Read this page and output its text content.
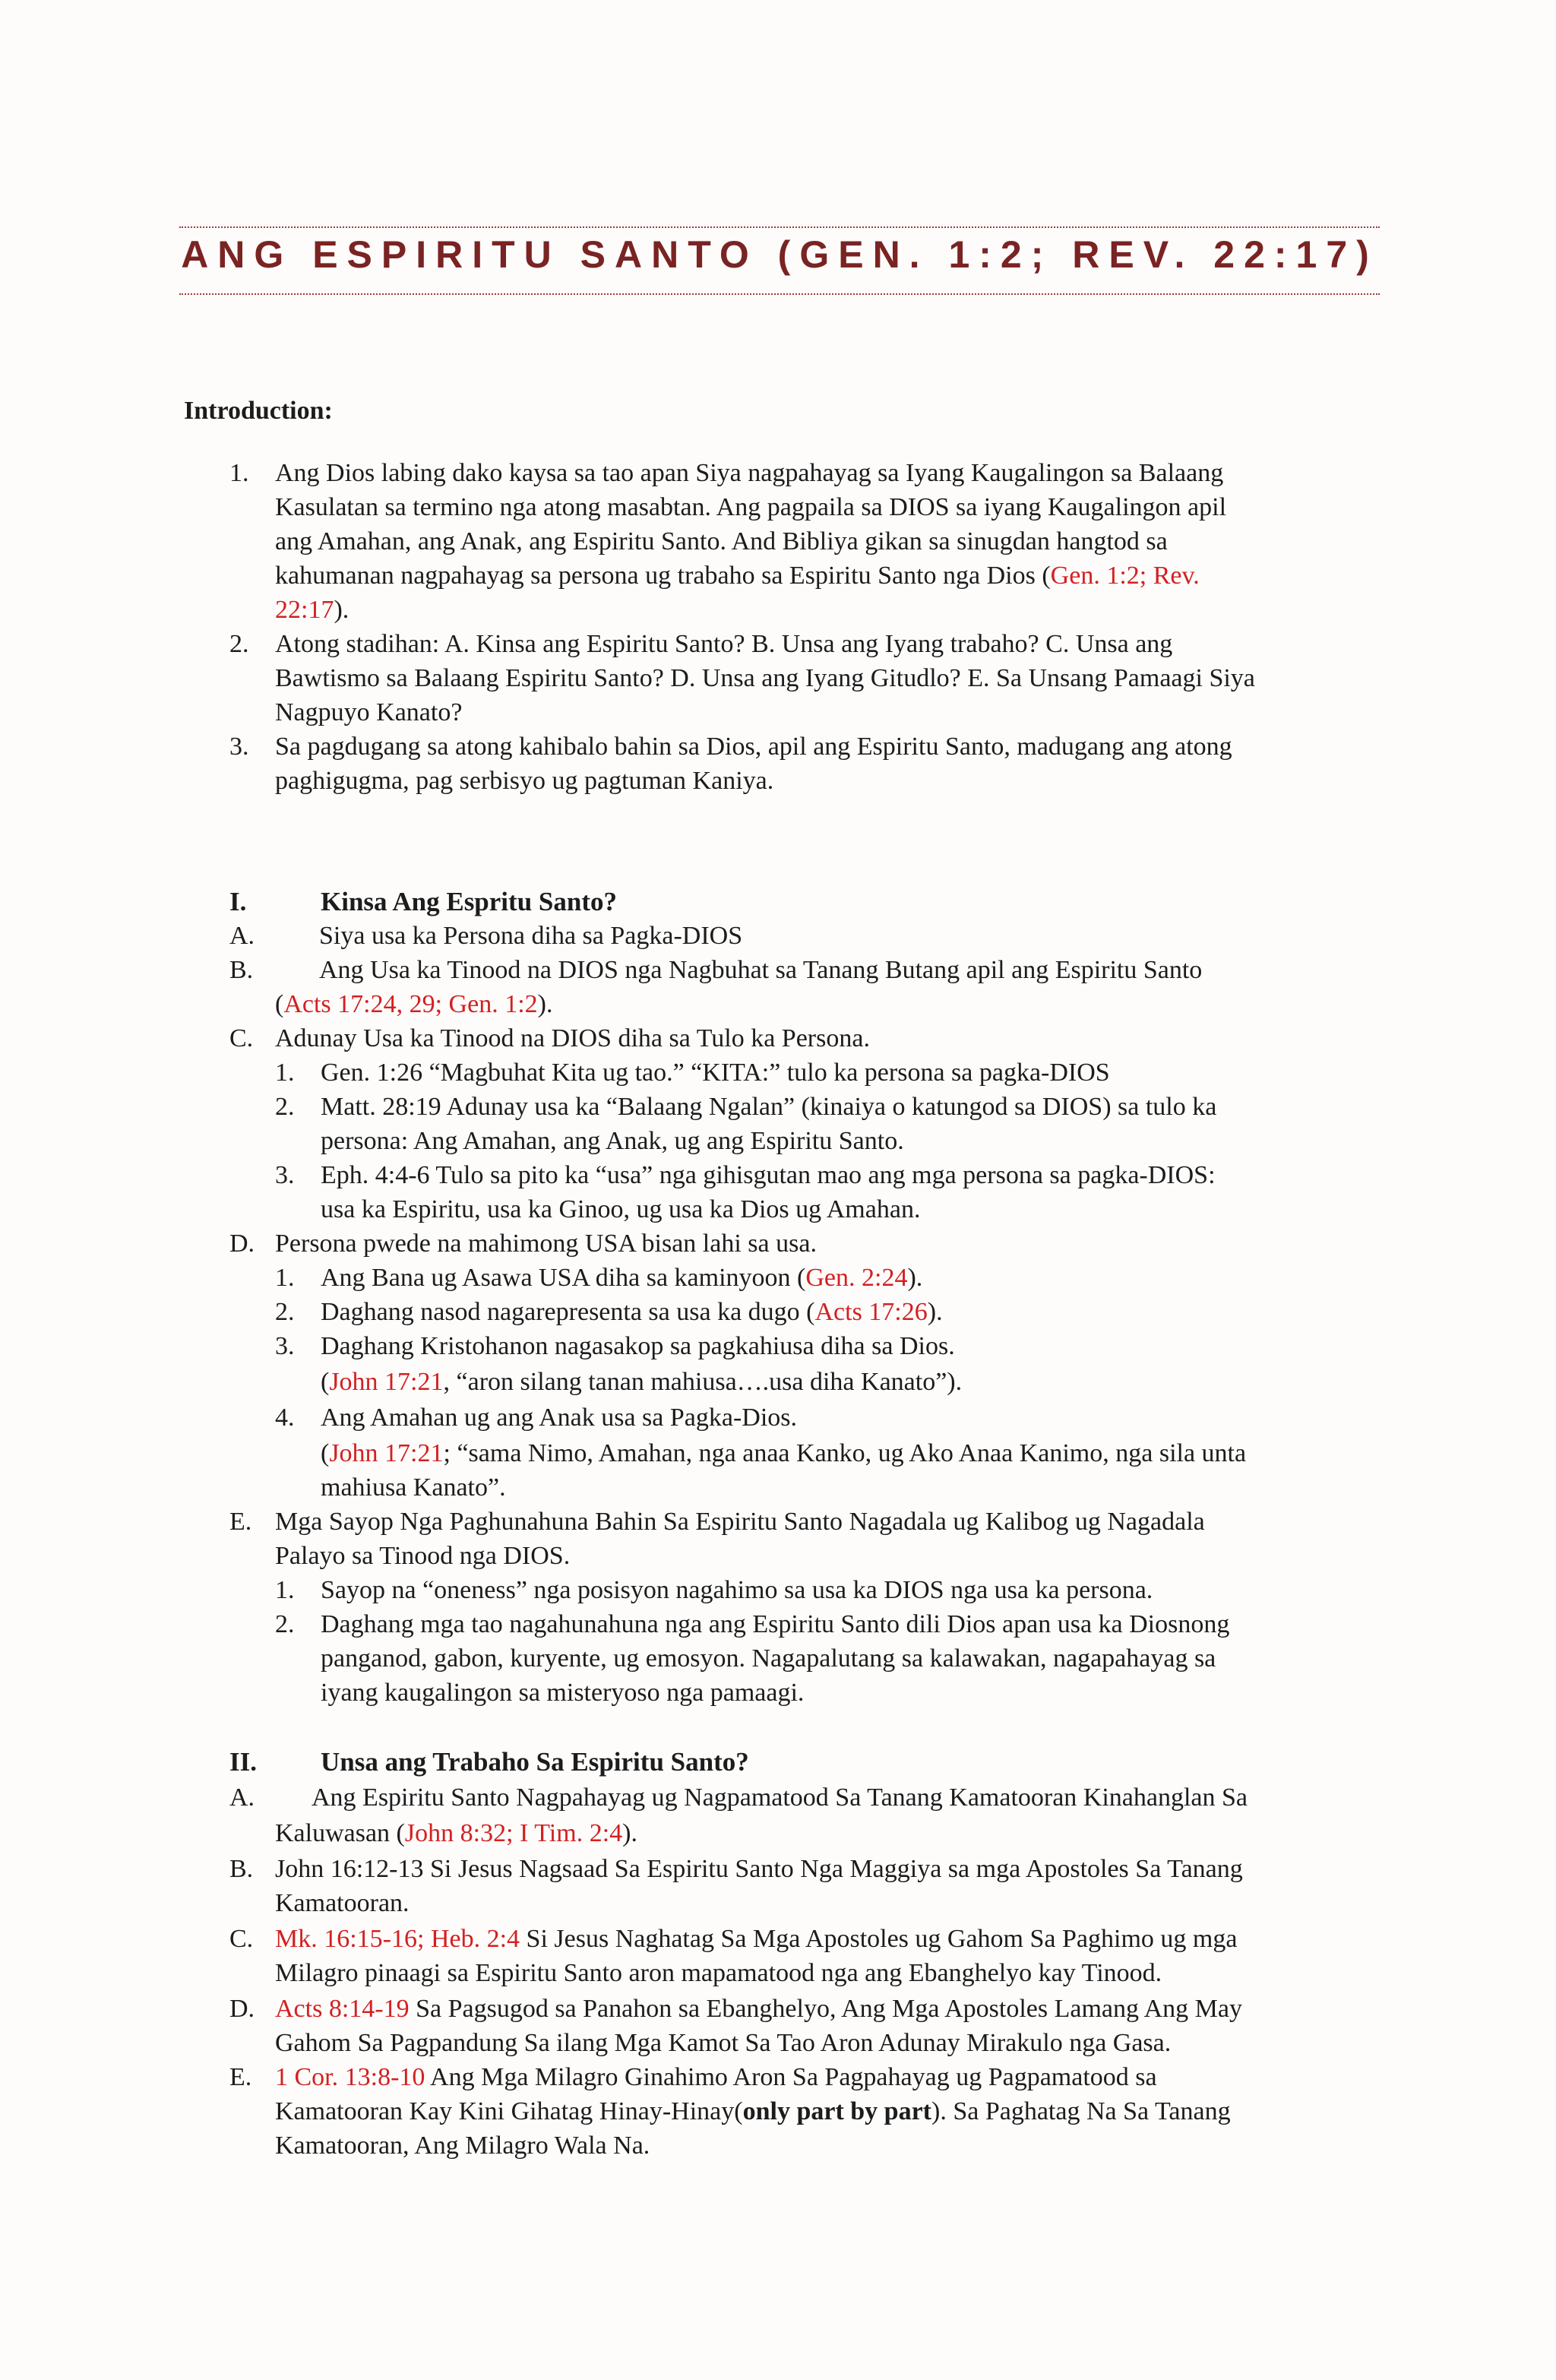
ANG ESPIRITU SANTO (GEN. 1:2; REV. 22:17)
Introduction:
1. Ang Dios labing dako kaysa sa tao apan Siya nagpahayag sa Iyang Kaugalingon sa Balaang
Kasulatan sa termino nga atong masabtan. Ang pagpaila sa DIOS sa iyang Kaugalingon apil
ang Amahan, ang Anak, ang Espiritu Santo. And Bibliya gikan sa sinugdan hangtod sa
kahumanan nagpahayag sa persona ug trabaho sa Espiritu Santo nga Dios (Gen. 1:2; Rev.
22:17).
2. Atong stadihan: A. Kinsa ang Espiritu Santo? B. Unsa ang Iyang trabaho? C. Unsa ang
Bawtismo sa Balaang Espiritu Santo? D. Unsa ang Iyang Gitudlo? E. Sa Unsang Pamaagi Siya
Nagpuyo Kanato?
3. Sa pagdugang sa atong kahibalo bahin sa Dios, apil ang Espiritu Santo, madugang ang atong
paghigugma, pag serbisyo ug pagtuman Kaniya.
I.	Kinsa Ang Espritu Santo?
A. Siya usa ka Persona diha sa Pagka-DIOS
B.	Ang Usa ka Tinood na DIOS nga Nagbuhat sa Tanang Butang apil ang Espiritu Santo
(Acts 17:24, 29; Gen. 1:2).
C. Adunay Usa ka Tinood na DIOS diha sa Tulo ka Persona.
1. Gen. 1:26 “Magbuhat Kita ug tao.” “KITA:” tulo ka persona sa pagka-DIOS
2. Matt. 28:19 Adunay usa ka “Balaang Ngalan” (kinaiya o katungod sa DIOS) sa tulo ka
persona: Ang Amahan, ang Anak, ug ang Espiritu Santo.
3. Eph. 4:4-6 Tulo sa pito ka “usa” nga gihisgutan mao ang mga persona sa pagka-DIOS:
usa ka Espiritu, usa ka Ginoo, ug usa ka Dios ug Amahan.
D. Persona pwede na mahimong USA bisan lahi sa usa.
1. Ang Bana ug Asawa USA diha sa kaminyoon (Gen. 2:24).
2. Daghang nasod nagarepresenta sa usa ka dugo (Acts 17:26).
3. Daghang Kristohanon nagasakop sa pagkahiusa diha sa Dios.
(John 17:21, “aron silang tanan mahiusa….usa diha Kanato”).
4. Ang Amahan ug ang Anak usa sa Pagka-Dios.
(John 17:21; “sama Nimo, Amahan, nga anaa Kanko, ug Ako Anaa Kanimo, nga sila unta
mahiusa Kanato”.
E. Mga Sayop Nga Paghunahuna Bahin Sa Espiritu Santo Nagadala ug Kalibog ug Nagadala
Palayo sa Tinood nga DIOS.
1. Sayop na “oneness” nga posisyon nagahimo sa usa ka DIOS nga usa ka persona.
2. Daghang mga tao nagahunahuna nga ang Espiritu Santo dili Dios apan usa ka Diosnong
panganod, gabon, kuryente, ug emosyon. Nagapalutang sa kalawakan, nagapahayag sa
iyang kaugalingon sa misteryoso nga pamaagi.
II. Unsa ang Trabaho Sa Espiritu Santo?
A. Ang Espiritu Santo Nagpahayag ug Nagpamatood Sa Tanang Kamatooran Kinahanglan Sa
Kaluwasan (John 8:32; I Tim. 2:4).
B. John 16:12-13 Si Jesus Nagsaad Sa Espiritu Santo Nga Maggiya sa mga Apostoles Sa Tanang
Kamatooran.
C. Mk. 16:15-16; Heb. 2:4 Si Jesus Naghatag Sa Mga Apostoles ug Gahom Sa Paghimo ug mga
Milagro pinaagi sa Espiritu Santo aron mapamatood nga ang Ebanghelyo kay Tinood.
D. Acts 8:14-19 Sa Pagsugod sa Panahon sa Ebanghelyo, Ang Mga Apostoles Lamang Ang May
Gahom Sa Pagpandung Sa ilang Mga Kamot Sa Tao Aron Adunay Mirakulo nga Gasa.
E. 1 Cor. 13:8-10 Ang Mga Milagro Ginahimo Aron Sa Pagpahayag ug Pagpamatood sa
Kamatooran Kay Kini Gihatag Hinay-Hinay(only part by part). Sa Paghatag Na Sa Tanang
Kamatooran, Ang Milagro Wala Na.
